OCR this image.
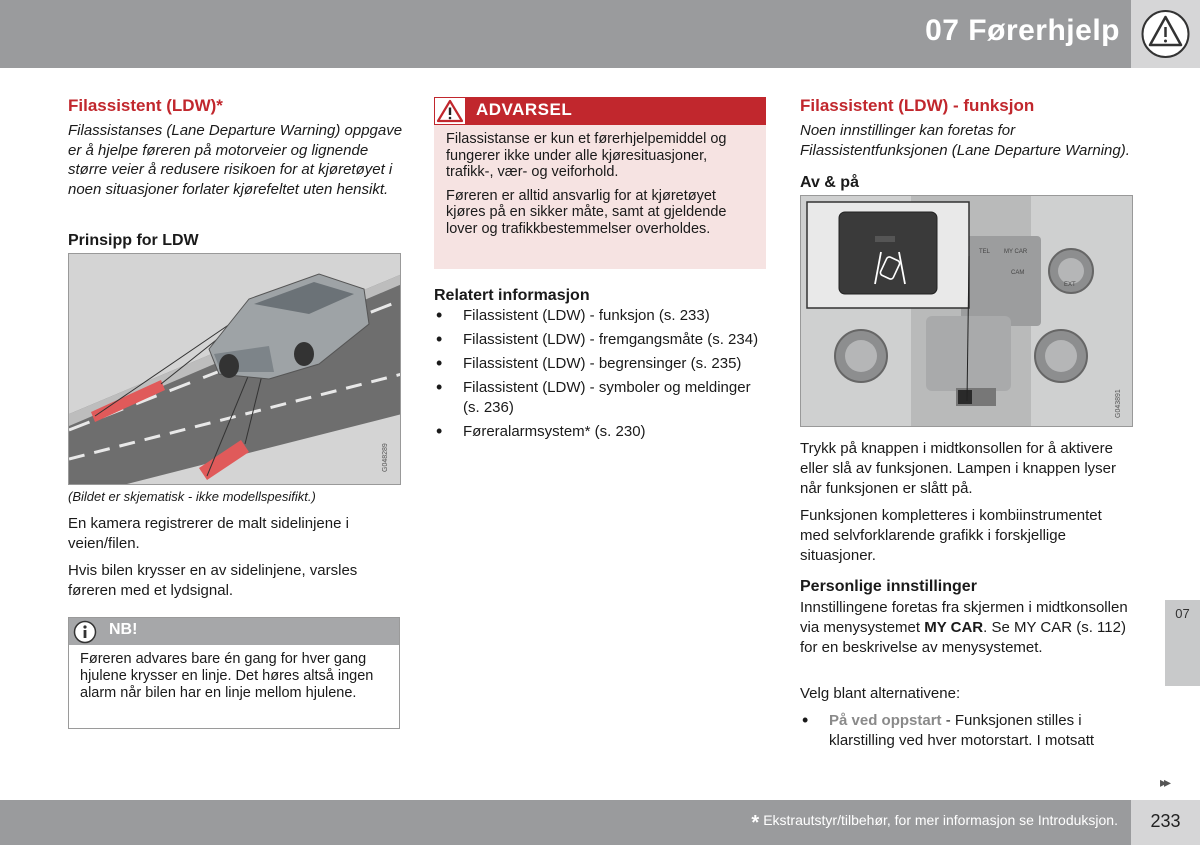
07 Førerhjelp
Filassistent (LDW)*

Filassistanses (Lane Departure Warning) oppgave er å hjelpe føreren på motorveier og lignende større veier å redusere risikoen for at kjøretøyet i noen situasjoner forlater kjørefeltet uten hensikt.

Prinsipp for LDW
G048289

(Bildet er skjematisk - ikke modellspesifikt.)

En kamera registrerer de malt sidelinjene i veien/filen.

Hvis bilen krysser en av sidelinjene, varsles føreren med et lydsignal.

NB!

Føreren advares bare én gang for hver gang hjulene krysser en linje. Det høres altså ingen alarm når bilen har en linje mellom hjulene.

ADVARSEL

Filassistanse er kun et førerhjelpemiddel og fungerer ikke under alle kjøresituasjoner, trafikk-, vær- og veiforhold.

Føreren er alltid ansvarlig for at kjøretøyet kjøres på en sikker måte, samt at gjeldende lover og trafikkbestemmelser overholdes.

Relatert informasjon
• Filassistent (LDW) - funksjon (s. 233)
• Filassistent (LDW) - fremgangsmåte (s. 234)
• Filassistent (LDW) - begrensinger (s. 235)
• Filassistent (LDW) - symboler og meldinger (s. 236)
• Føreralarmsystem* (s. 230)
Filassistent (LDW) - funksjon

Noen innstillinger kan foretas for Filassistentfunksjonen (Lane Departure Warning).

Av & på
TEL MY CAR
CAM
EXT
G043891

Trykk på knappen i midtkonsollen for å aktivere eller slå av funksjonen. Lampen i knappen lyser når funksjonen er slått på.

Funksjonen kompletteres i kombiinstrumentet med selvforklarende grafikk i forskjellige situasjoner.

Personlige innstillinger

Innstillingene foretas fra skjermen i midtkonsollen via menysystemet MY CAR. Se MY CAR (s. 112) for en beskrivelse av menysystemet.

Velg blant alternativene:

• På ved oppstart - Funksjonen stilles i klarstilling ved hver motorstart. I motsatt
07
▸▸
* Ekstrautstyr/tilbehør, for mer informasjon se Introduksjon.	233
